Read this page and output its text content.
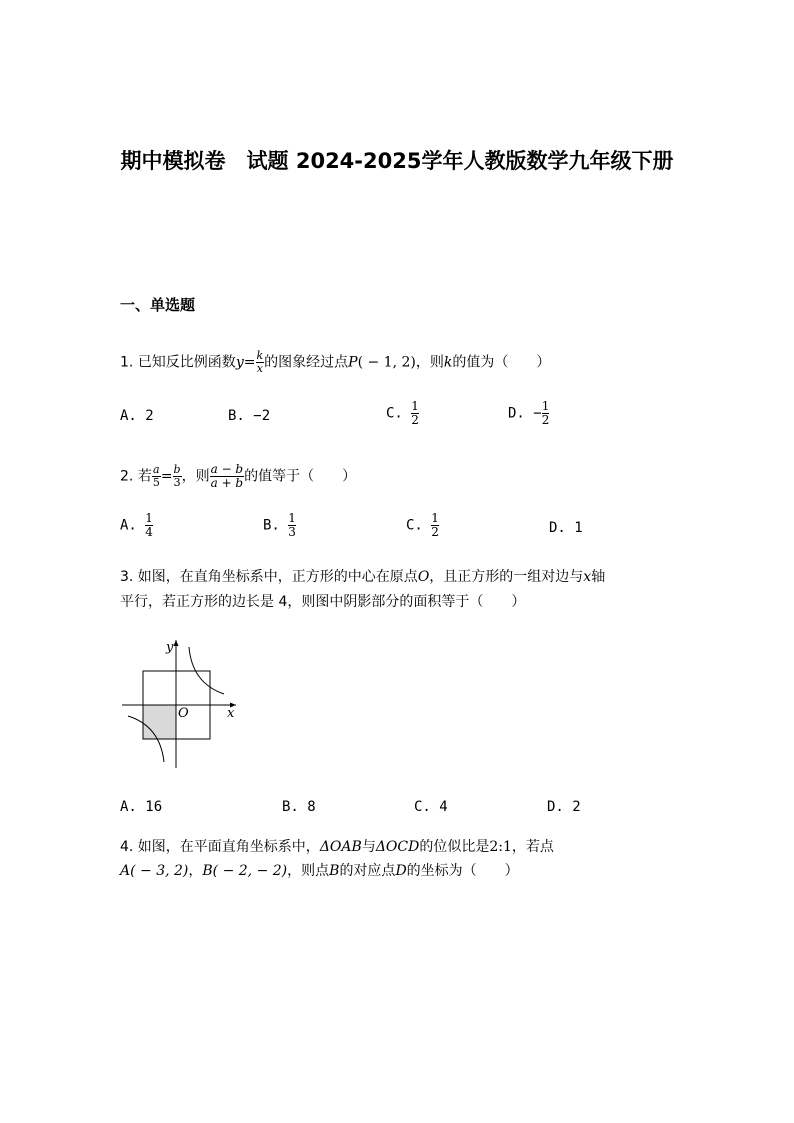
期中模拟卷　试题 2024-2025学年人教版数学九年级下册
一、单选题
1. 已知反比例函数$y= \frac{k}{x}$ 的图象经过点P( − 1, 2)，则k的值为（　　）
A. 2	B. −2	C. $\frac{1}{2}$	D. − $\frac{1}{2}$
2. 若 $\frac{a}{5} = \frac{b}{3}$ ，则 $\frac{a - b}{a + b}$ 的值等于（　　）
A. $\frac{1}{4}$	B. $\frac{1}{3}$	C. $\frac{1}{2}$	D. 1
3. 如图，在直角坐标系中，正方形的中心在原点O，且正方形的一组对边与x轴
平行，若正方形的边长是 4，则图中阴影部分的面积等于（　　）
y
x
O
A. 16	B. 8	C. 4	D. 2
4. 如图，在平面直角坐标系中，ΔOAB与ΔOCD的位似比是2:1，若点
A( − 3, 2)，B( − 2, − 2)，则点B的对应点D的坐标为（　　）
